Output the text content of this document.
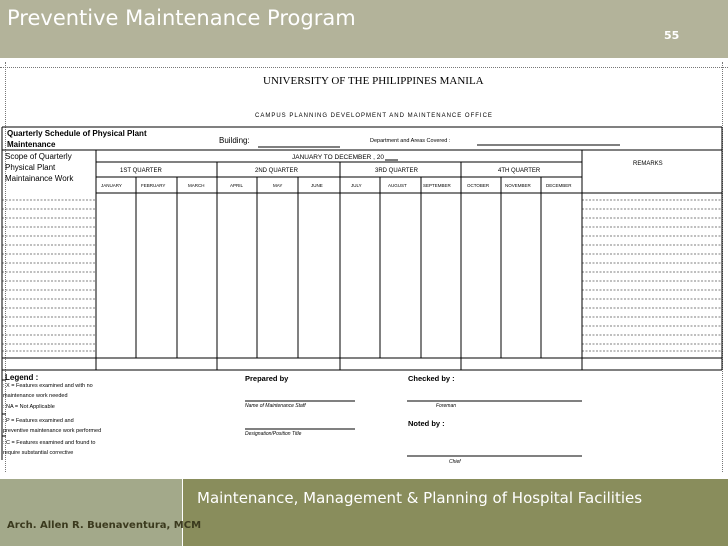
Preventive Maintenance Program
55
UNIVERSITY OF THE PHILIPPINES MANILA
CAMPUS PLANNING DEVELOPMENT AND MAINTENANCE OFFICE
Quarterly Schedule of Physical Plant
Maintenance	Building:	Department and Areas Covered :
Scope of Quarterly
Physical Plant
Maintainance Work
JANUARY TO DECEMBER , 20
REMARKS
1ST QUARTER	2ND QUARTER	3RD QUARTER	4TH QUARTER
JANUARY	FEBRUARY	MARCH	APRIL	MAY	JUNE	JULY	AUGUST	SEPTEMBER	OCTOBER	NOVEMBER	DECEMBER
Legend :
: X = Features examined and with no
maintenance work needed
: NA = Not Applicable
: P = Features examined and
preventive maintenance work performed
: C = Features examined and found to
require substantial corrective
Prepared by
Name of Maintenance Staff
Designation/Position Title
Checked by :
Foreman
Noted by :
Chief
Arch. Allen R. Buenaventura, MCM
Maintenance, Management & Planning of Hospital Facilities
